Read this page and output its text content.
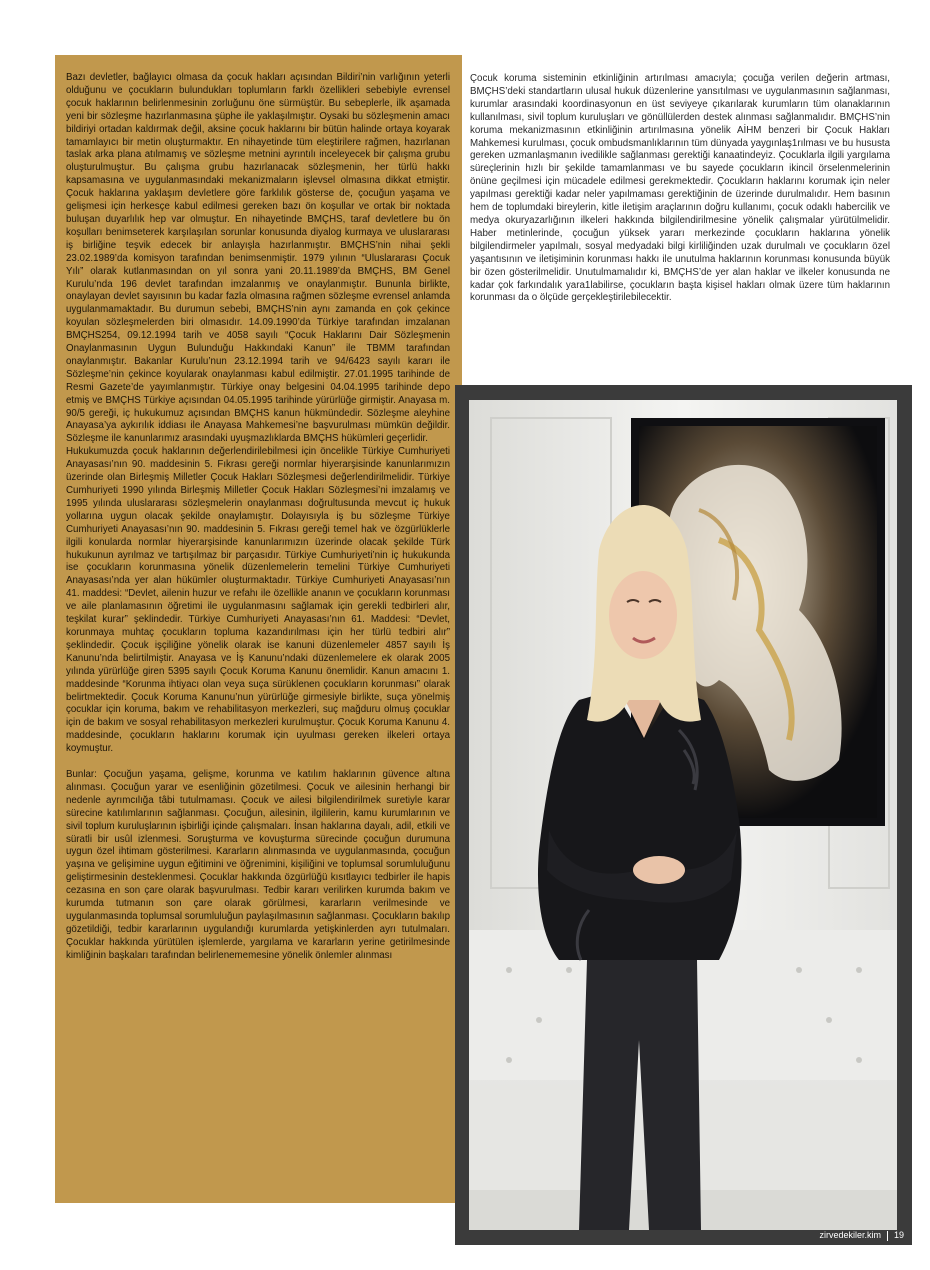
Bazı devletler, bağlayıcı olmasa da çocuk hakları açısından Bildiri’nin varlığının yeterli olduğunu ve çocukların bulundukları toplumların farklı özellikleri sebebiyle evrensel çocuk haklarının belirlenmesinin zorluğunu öne sürmüştür. Bu sebeplerle, ilk aşamada yeni bir sözleşme hazırlanmasına şüphe ile yaklaşılmıştır. Oysaki bu sözleşmenin amacı bildiriyi ortadan kaldırmak değil, aksine çocuk haklarını bir bütün halinde ortaya koyarak tamamlayıcı bir metin oluşturmaktır. En nihayetinde tüm eleştirilere rağmen, hazırlanan taslak arka plana atılmamış ve sözleşme metnini ayrıntılı inceleyecek bir çalışma grubu oluşturulmuştur. Bu çalışma grubu hazırlanacak sözleşmenin, her türlü hakkı kapsamasına ve uygulanmasındaki mekanizmaların işlevsel olmasına dikkat etmiştir. Çocuk haklarına yaklaşım devletlere göre farklılık gösterse de, çocuğun yaşama ve gelişmesi için herkesçe kabul edilmesi gereken bazı ön koşullar ve ortak bir noktada buluşan duyarlılık hep var olmuştur. En nihayetinde BMÇHS, taraf devletlere bu ön koşulları benimseterek karşılaşılan sorunlar konusunda diyalog kurmaya ve uluslararası iş birliğine teşvik edecek bir anlayışla hazırlanmıştır. BMÇHS’nin nihai şekli 23.02.1989’da komisyon tarafından benimsenmiştir. 1979 yılının “Uluslararası Çocuk Yılı” olarak kutlanmasından on yıl sonra yani 20.11.1989’da BMÇHS, BM Genel Kurulu’nda 196 devlet tarafından imzalanmış ve onaylanmıştır. Bununla birlikte, onaylayan devlet sayısının bu kadar fazla olmasına rağmen sözleşme evrensel anlamda uygulanmamaktadır. Bu durumun sebebi, BMÇHS’nin aynı zamanda en çok çekince koyulan sözleşmelerden biri olmasıdır. 14.09.1990’da Türkiye tarafından imzalanan BMÇHS254, 09.12.1994 tarih ve 4058 sayılı “Çocuk Haklarını Dair Sözleşmenin Onaylanmasının Uygun Bulunduğu Hakkındaki Kanun” ile TBMM tarafından onaylanmıştır. Bakanlar Kurulu’nun 23.12.1994 tarih ve 94/6423 sayılı kararı ile Sözleşme’nin çekince koyularak onaylanması kabul edilmiştir. 27.01.1995 tarihinde de Resmi Gazete’de yayımlanmıştır. Türkiye onay belgesini 04.04.1995 tarihinde depo etmiş ve BMÇHS Türkiye açısından 04.05.1995 tarihinde yürürlüğe girmiştir. Anayasa m. 90/5 gereği, iç hukukumuz açısından BMÇHS kanun hükmündedir. Sözleşme aleyhine Anayasa’ya aykırılık iddiası ile Anayasa Mahkemesi’ne başvurulması mümkün değildir. Sözleşme ile kanunlarımız arasındaki uyuşmazlıklarda BMÇHS hükümleri geçerlidir.

Hukukumuzda çocuk haklarının değerlendirilebilmesi için öncelikle Türkiye Cumhuriyeti Anayasası’nın 90. maddesinin 5. Fıkrası gereği normlar hiyerarşisinde kanunlarımızın üzerinde olan Birleşmiş Milletler Çocuk Hakları Sözleşmesi değerlendirilmelidir. Türkiye Cumhuriyeti 1990 yılında Birleşmiş Milletler Çocuk Hakları Sözleşmesi’ni imzalamış ve 1995 yılında uluslararası sözleşmelerin onaylanması doğrultusunda mevcut iç hukuk yollarına uygun olacak şekilde onaylamıştır. Dolayısıyla iş bu sözleşme Türkiye Cumhuriyeti Anayasası’nın 90. maddesinin 5. Fıkrası gereği temel hak ve özgürlüklerle ilgili konularda normlar hiyerarşisinde kanunlarımızın üzerinde olacak şekilde Türk hukukunun ayrılmaz ve tartışılmaz bir parçasıdır. Türkiye Cumhuriyeti’nin iç hukukunda ise çocukların korunmasına yönelik düzenlemelerin temelini Türkiye Cumhuriyeti Anayasası’nda yer alan hükümler oluşturmaktadır. Türkiye Cumhuriyeti Anayasası’nın 41. maddesi: “Devlet, ailenin huzur ve refahı ile özellikle ananın ve çocukların korunması ve aile planlamasının öğretimi ile uygulanmasını sağlamak için gerekli tedbirleri alır, teşkilat kurar” şeklindedir. Türkiye Cumhuriyeti Anayasası’nın 61. Maddesi: “Devlet, korunmaya muhtaç çocukların topluma kazandırılması için her türlü tedbiri alır” şeklindedir. Çocuk işçiliğine yönelik olarak ise kanuni düzenlemeler 4857 sayılı İş Kanunu’nda belirtilmiştir. Anayasa ve İş Kanunu’ndaki düzenlemelere ek olarak 2005 yılında yürürlüğe giren 5395 sayılı Çocuk Koruma Kanunu önemlidir. Kanun amacını 1. maddesinde “Korunma ihtiyacı olan veya suça sürüklenen çocukların korunması” olarak belirtmektedir. Çocuk Koruma Kanunu’nun yürürlüğe girmesiyle birlikte, suça yönelmiş çocuklar için koruma, bakım ve rehabilitasyon merkezleri, suç mağduru olmuş çocuklar için de bakım ve sosyal rehabilitasyon merkezleri kurulmuştur. Çocuk Koruma Kanunu 4. maddesinde, çocukların haklarını korumak için uyulması gereken ilkeleri ortaya koymuştur.

Bunlar: Çocuğun yaşama, gelişme, korunma ve katılım haklarının güvence altına alınması. Çocuğun yarar ve esenliğinin gözetilmesi. Çocuk ve ailesinin herhangi bir nedenle ayrımcılığa tâbi tutulmaması. Çocuk ve ailesi bilgilendirilmek suretiyle karar sürecine katılımlarının sağlanması. Çocuğun, ailesinin, ilgililerin, kamu kurumlarının ve sivil toplum kuruluşlarının işbirliği içinde çalışmaları. İnsan haklarına dayalı, adil, etkili ve süratli bir usûl izlenmesi. Soruşturma ve kovuşturma sürecinde çocuğun durumuna uygun özel ihtimam gösterilmesi. Kararların alınmasında ve uygulanmasında, çocuğun yaşına ve gelişimine uygun eğitimini ve öğrenimini, kişiliğini ve toplumsal sorumluluğunu geliştirmesinin desteklenmesi. Çocuklar hakkında özgürlüğü kısıtlayıcı tedbirler ile hapis cezasına en son çare olarak başvurulması. Tedbir kararı verilirken kurumda bakım ve kurumda tutmanın son çare olarak görülmesi, kararların verilmesinde ve uygulanmasında toplumsal sorumluluğun paylaşılmasının sağlanması. Çocukların bakılıp gözetildiği, tedbir kararlarının uygulandığı kurumlarda yetişkinlerden ayrı tutulmaları. Çocuklar hakkında yürütülen işlemlerde, yargılama ve kararların yerine getirilmesinde kimliğinin başkaları tarafından belirlenememesine yönelik önlemler alınması

Çocuk koruma sisteminin etkinliğinin artırılması amacıyla; çocuğa verilen değerin artması, BMÇHS’deki standartların ulusal hukuk düzenlerine yansıtılması ve uygulanmasının sağlanması, kurumlar arasındaki koordinasyonun en üst seviyeye çıkarılarak kurumların tüm olanaklarının kullanılması, sivil toplum kuruluşları ve gönüllülerden destek alınması sağlanmalıdır. BMÇHS’nin koruma mekanizmasının etkinliğinin artırılmasına yönelik AİHM benzeri bir Çocuk Hakları Mahkemesi kurulması, çocuk ombudsmanlıklarının tüm dünyada yaygınlaş1rılması ve bu hususta gereken uzmanlaşmanın ivedilikle sağlanması gerektiği kanaatindeyiz. Çocuklarla ilgili yargılama süreçlerinin hızlı bir şekilde tamamlanması ve bu sayede çocukların ikincil örselenmelerinin önüne geçilmesi için mücadele edilmesi gerekmektedir. Çocukların haklarını korumak için neler yapılması gerektiği kadar neler yapılmaması gerektiğinin de üzerinde durulmalıdır. Hem basının hem de toplumdaki bireylerin, kitle iletişim araçlarının doğru kullanımı, çocuk odaklı habercilik ve medya okuryazarlığının ilkeleri hakkında bilgilendirilmesine yönelik çalışmalar yürütülmelidir. Haber metinlerinde, çocuğun yüksek yararı merkezinde çocukların haklarına yönelik bilgilendirmeler yapılmalı, sosyal medyadaki bilgi kirliliğinden uzak durulmalı ve çocukların özel yaşantısının ve iletişiminin korunması hakkı ile unutulma haklarının korunması konusunda büyük bir özen gösterilmelidir. Unutulmamalıdır ki, BMÇHS’de yer alan haklar ve ilkeler konusunda ne kadar çok farkındalık yara1labilirse, çocukların başta kişisel hakları olmak üzere tüm haklarının korunması da o ölçüde gerçekleştirilebilecektir.

zirvedekiler.kim 19
